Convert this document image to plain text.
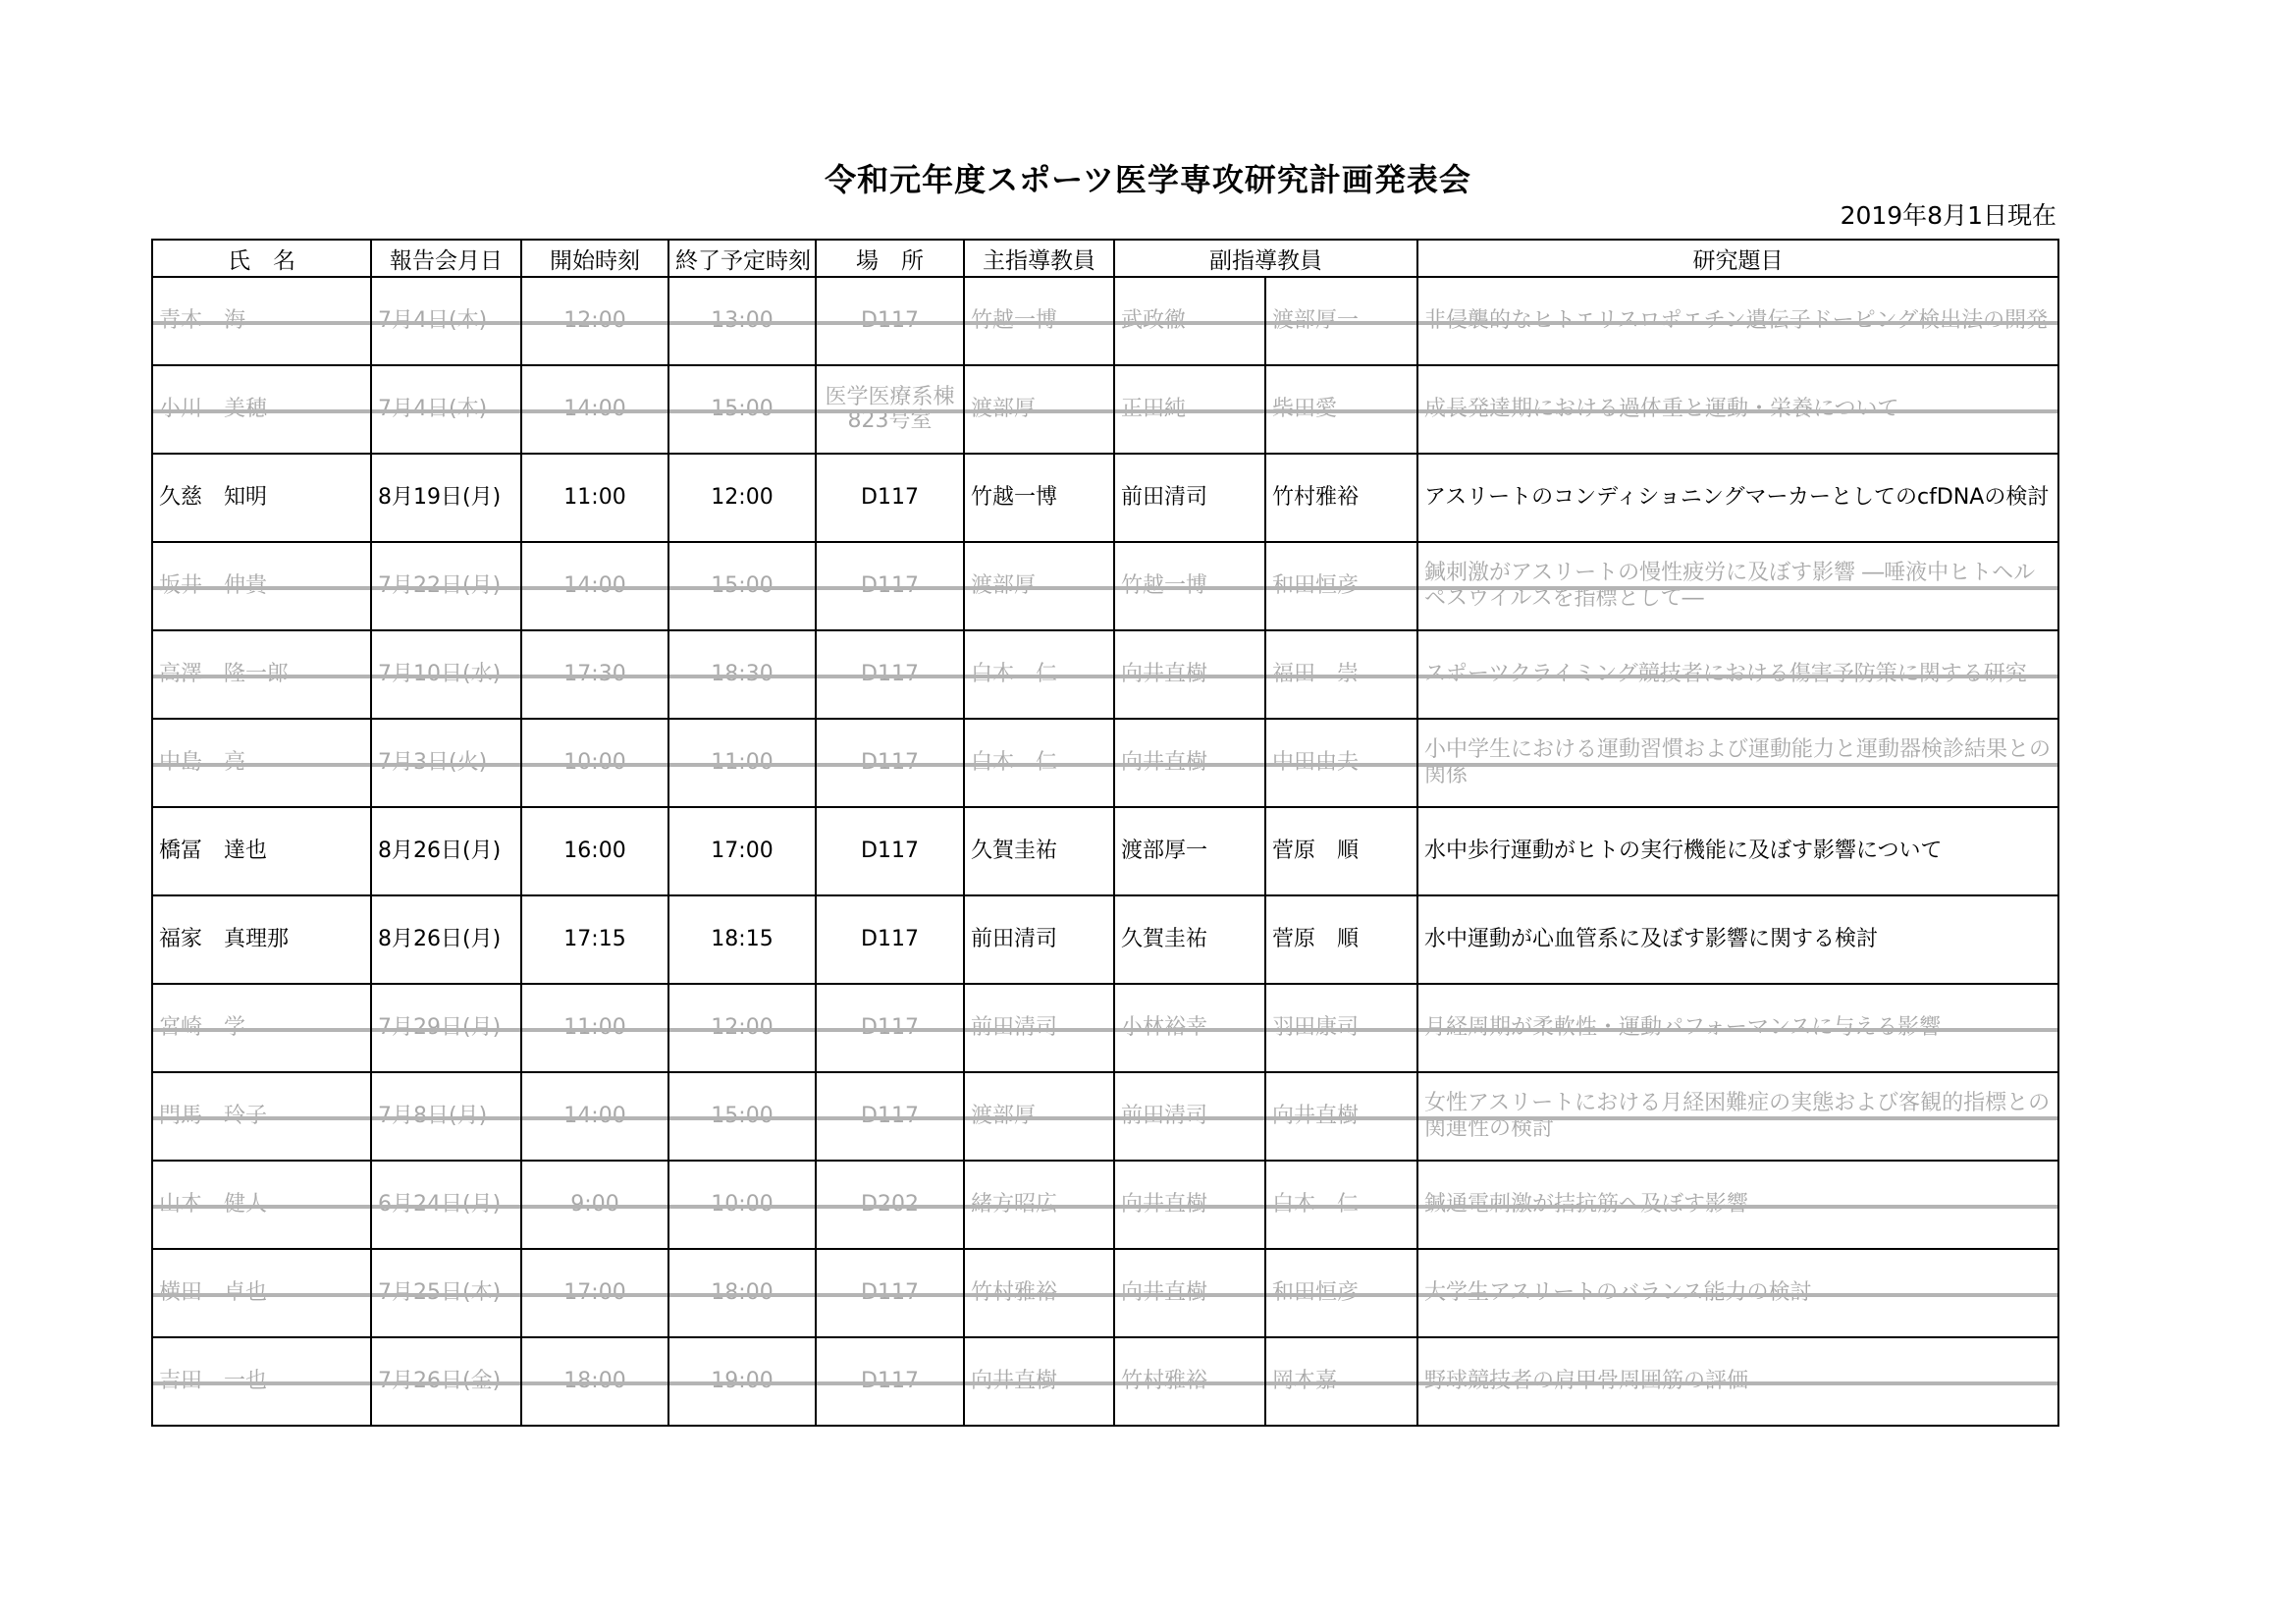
令和元年度スポーツ医学専攻研究計画発表会
2019年8月1日現在
氏　名	報告会月日	開始時刻	終了予定時刻	場　所	主指導教員	副指導教員		研究題目
青木　海	7月4日(木)	12:00	13:00	D117	竹越一博	武政徹	渡部厚一	非侵襲的なヒトエリスロポエチン遺伝子ドーピング検出法の開発
小川　美穂	7月4日(木)	14:00	15:00	医学医療系棟823号室	渡部厚	正田純	柴田愛	成長発達期における過体重と運動・栄養について
久慈　知明	8月19日(月)	11:00	12:00	D117	竹越一博	前田清司	竹村雅裕	アスリートのコンディショニングマーカーとしてのcfDNAの検討
坂井　伸貴	7月22日(月)	14:00	15:00	D117	渡部厚	竹越一博	和田恒彦	鍼刺激がアスリートの慢性疲労に及ぼす影響 ―唾液中ヒトヘルペスウイルスを指標として―
高澤　隆一郎	7月10日(水)	17:30	18:30	D117	白木　仁	向井直樹	福田　崇	スポーツクライミング競技者における傷害予防策に関する研究
中島　亮	7月3日(火)	10:00	11:00	D117	白木　仁	向井直樹	中田由夫	小中学生における運動習慣および運動能力と運動器検診結果との関係
橋冨　達也	8月26日(月)	16:00	17:00	D117	久賀圭祐	渡部厚一	菅原　順	水中歩行運動がヒトの実行機能に及ぼす影響について
福家　真理那	8月26日(月)	17:15	18:15	D117	前田清司	久賀圭祐	菅原　順	水中運動が心血管系に及ぼす影響に関する検討
宮崎　学	7月29日(月)	11:00	12:00	D117	前田清司	小林裕幸	羽田康司	月経周期が柔軟性・運動パフォーマンスに与える影響
門馬　玲子	7月8日(月)	14:00	15:00	D117	渡部厚	前田清司	向井直樹	女性アスリートにおける月経困難症の実態および客観的指標との関連性の検討
山本　健人	6月24日(月)	9:00	10:00	D202	緒方昭広	向井直樹	白木　仁	鍼通電刺激が拮抗筋へ及ぼす影響
横田　卓也	7月25日(木)	17:00	18:00	D117	竹村雅裕	向井直樹	和田恒彦	大学生アスリートのバランス能力の検討
吉田　一也	7月26日(金)	18:00	19:00	D117	向井直樹	竹村雅裕	岡本嘉	野球競技者の肩甲骨周囲筋の評価
